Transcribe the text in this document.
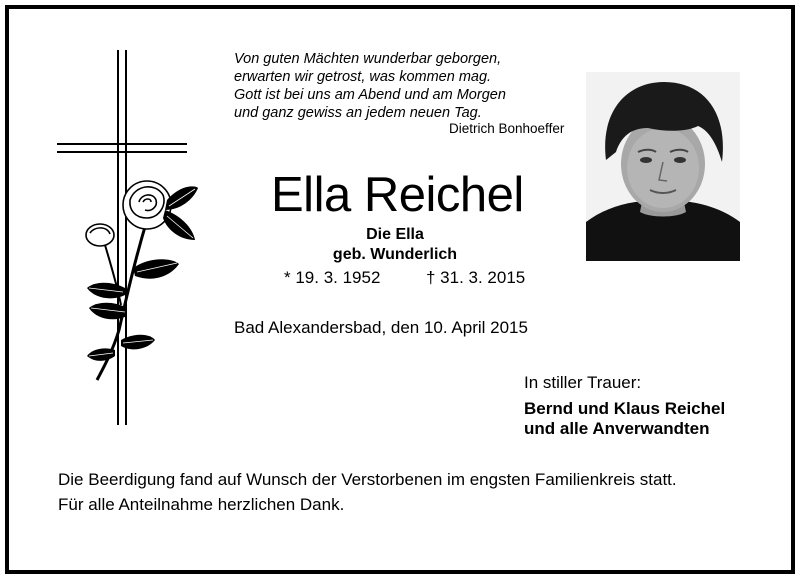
Von guten Mächten wunderbar geborgen,
erwarten wir getrost, was kommen mag.
Gott ist bei uns am Abend und am Morgen
und ganz gewiss an jedem neuen Tag.
Dietrich Bonhoeffer
Ella Reichel
Die Ella
geb. Wunderlich
* 19. 3. 1952	† 31. 3. 2015
Bad Alexandersbad, den 10. April 2015
In stiller Trauer:
Bernd und Klaus Reichel
und alle Anverwandten
Die Beerdigung fand auf Wunsch der Verstorbenen im engsten Familienkreis statt.
Für alle Anteilnahme herzlichen Dank.
